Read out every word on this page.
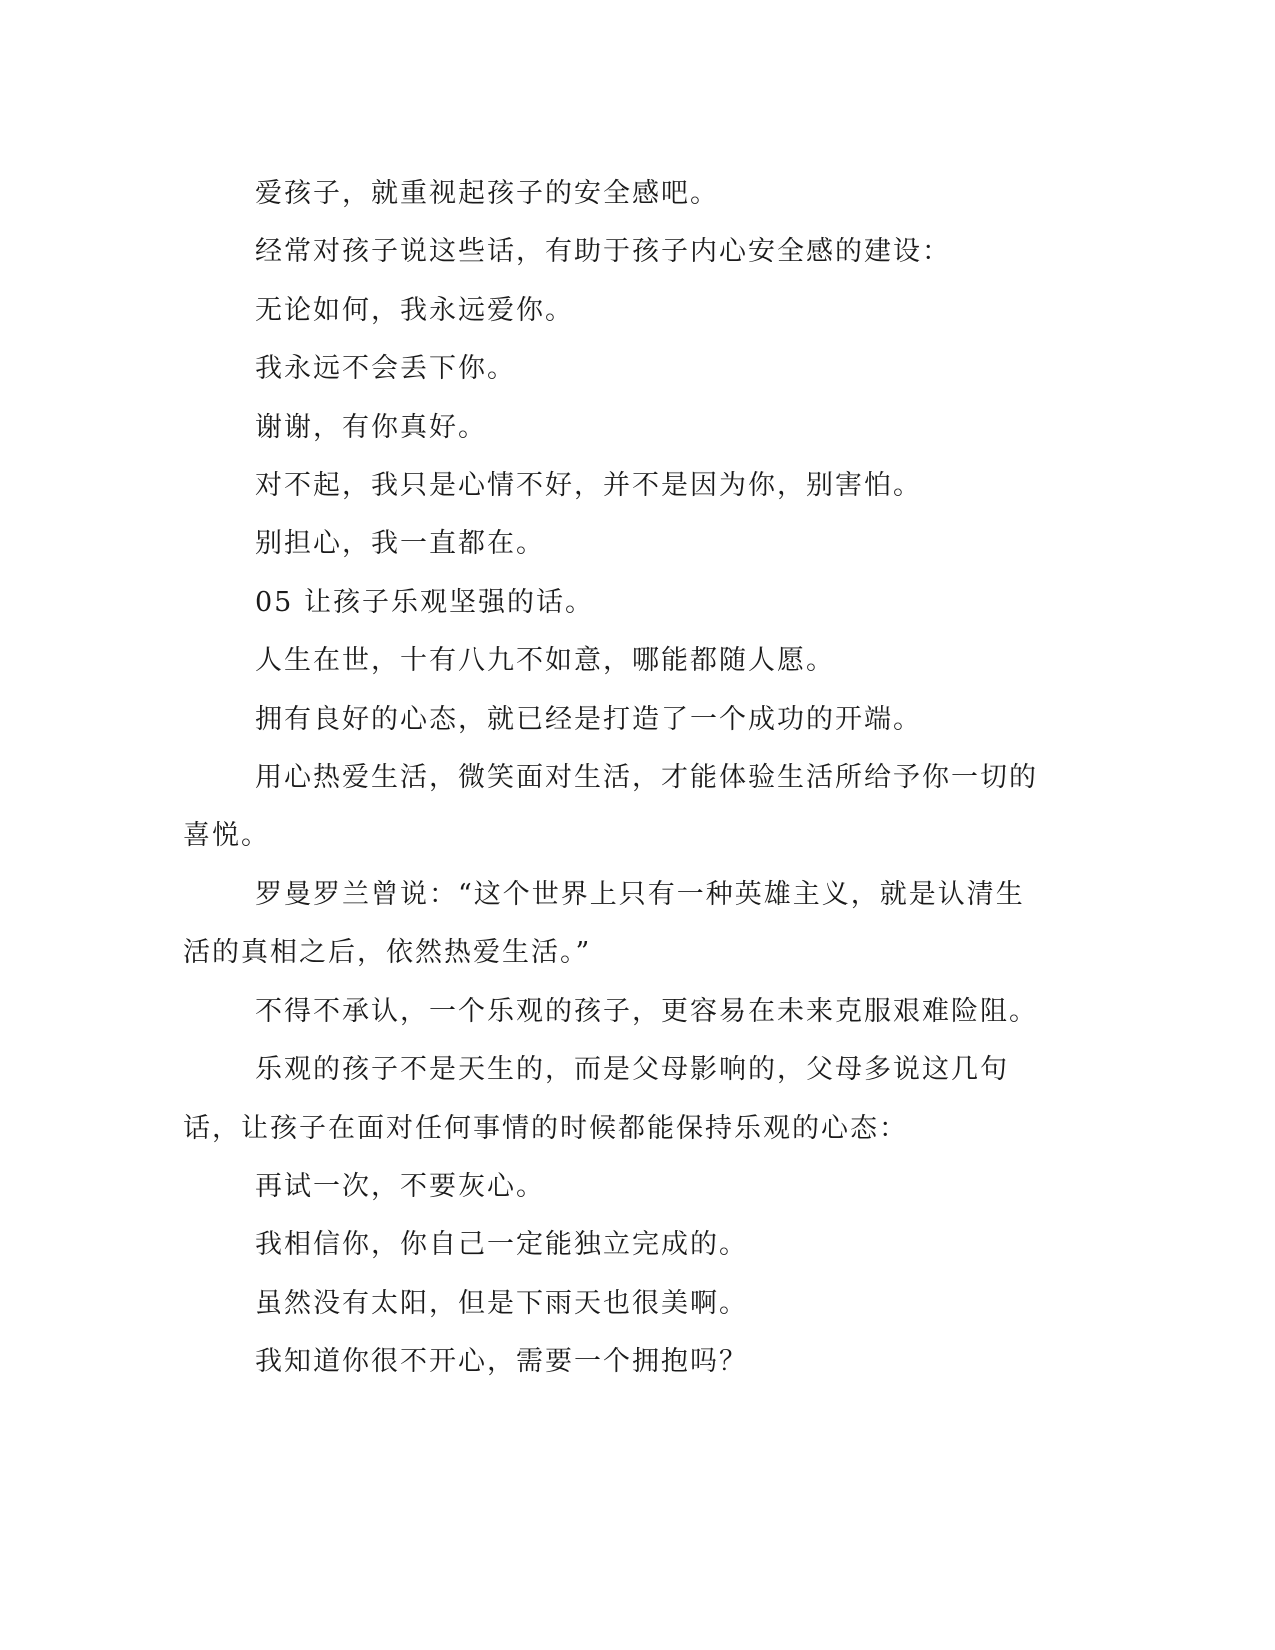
爱孩子，就重视起孩子的安全感吧。

经常对孩子说这些话，有助于孩子内心安全感的建设：

无论如何，我永远爱你。

我永远不会丢下你。

谢谢，有你真好。

对不起，我只是心情不好，并不是因为你，别害怕。

别担心，我一直都在。

05 让孩子乐观坚强的话。

人生在世，十有八九不如意，哪能都随人愿。

拥有良好的心态，就已经是打造了一个成功的开端。

用心热爱生活，微笑面对生活，才能体验生活所给予你一切的喜悦。

罗曼罗兰曾说：“这个世界上只有一种英雄主义，就是认清生活的真相之后，依然热爱生活。”

不得不承认，一个乐观的孩子，更容易在未来克服艰难险阻。

乐观的孩子不是天生的，而是父母影响的，父母多说这几句话，让孩子在面对任何事情的时候都能保持乐观的心态：

再试一次，不要灰心。

我相信你，你自己一定能独立完成的。

虽然没有太阳，但是下雨天也很美啊。

我知道你很不开心，需要一个拥抱吗？
